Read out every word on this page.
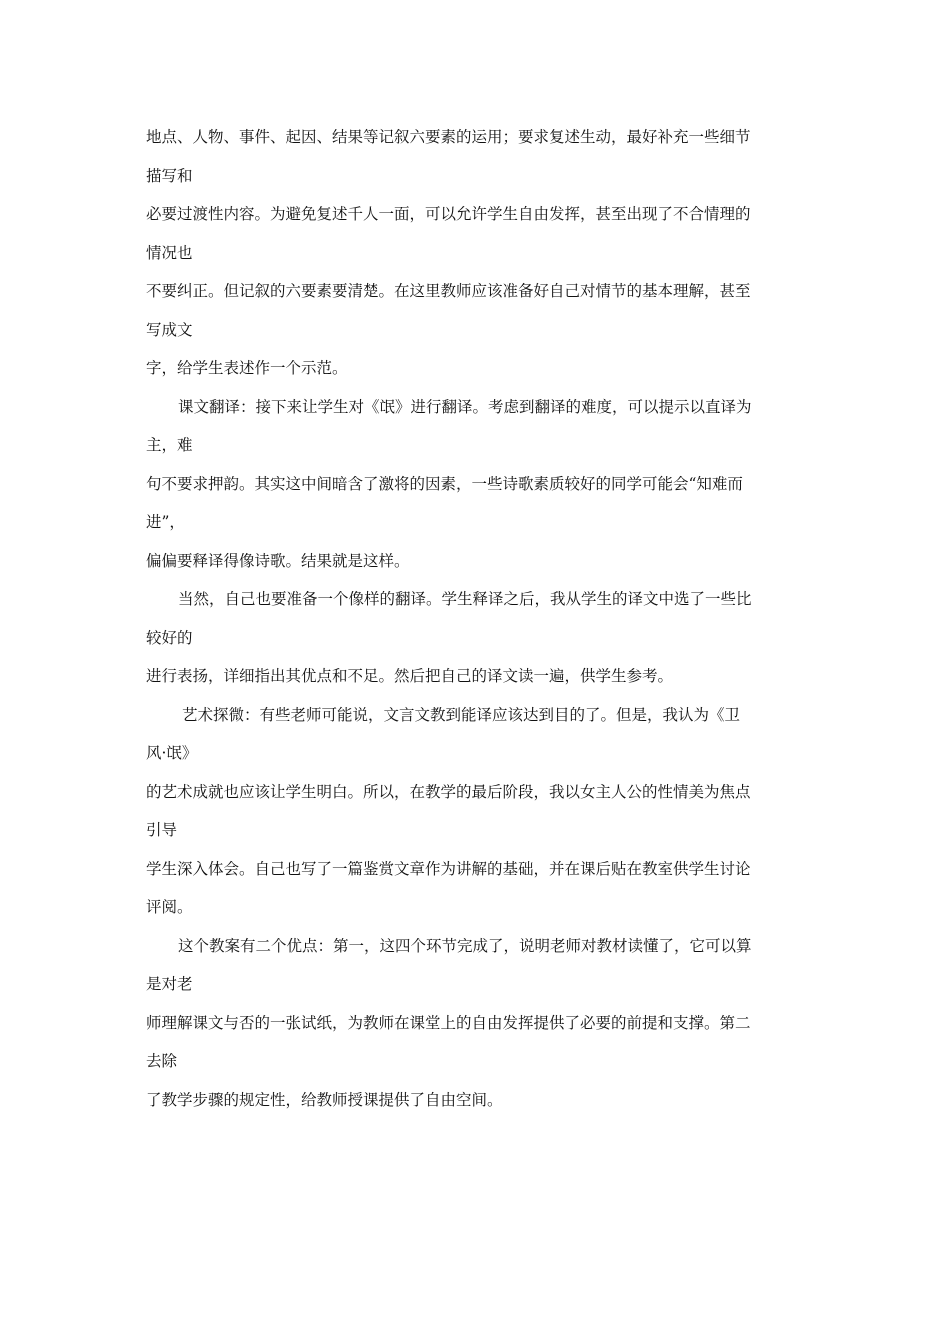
地点、人物、事件、起因、结果等记叙六要素的运用；要求复述生动，最好补充一些细节
描写和
必要过渡性内容。为避免复述千人一面，可以允许学生自由发挥，甚至出现了不合情理的
情况也
不要纠正。但记叙的六要素要清楚。在这里教师应该准备好自己对情节的基本理解，甚至
写成文
字，给学生表述作一个示范。
课文翻译：接下来让学生对《氓》进行翻译。考虑到翻译的难度，可以提示以直译为
主，难
句不要求押韵。其实这中间暗含了激将的因素，一些诗歌素质较好的同学可能会“知难而
进”，
偏偏要释译得像诗歌。结果就是这样。
当然，自己也要准备一个像样的翻译。学生释译之后，我从学生的译文中选了一些比
较好的
进行表扬，详细指出其优点和不足。然后把自己的译文读一遍，供学生参考。
艺术探微：有些老师可能说，文言文教到能译应该达到目的了。但是，我认为《卫
风·氓》
的艺术成就也应该让学生明白。所以，在教学的最后阶段，我以女主人公的性情美为焦点
引导
学生深入体会。自己也写了一篇鉴赏文章作为讲解的基础，并在课后贴在教室供学生讨论
评阅。
这个教案有二个优点：第一，这四个环节完成了，说明老师对教材读懂了，它可以算
是对老
师理解课文与否的一张试纸，为教师在课堂上的自由发挥提供了必要的前提和支撑。第二
去除
了教学步骤的规定性，给教师授课提供了自由空间。
